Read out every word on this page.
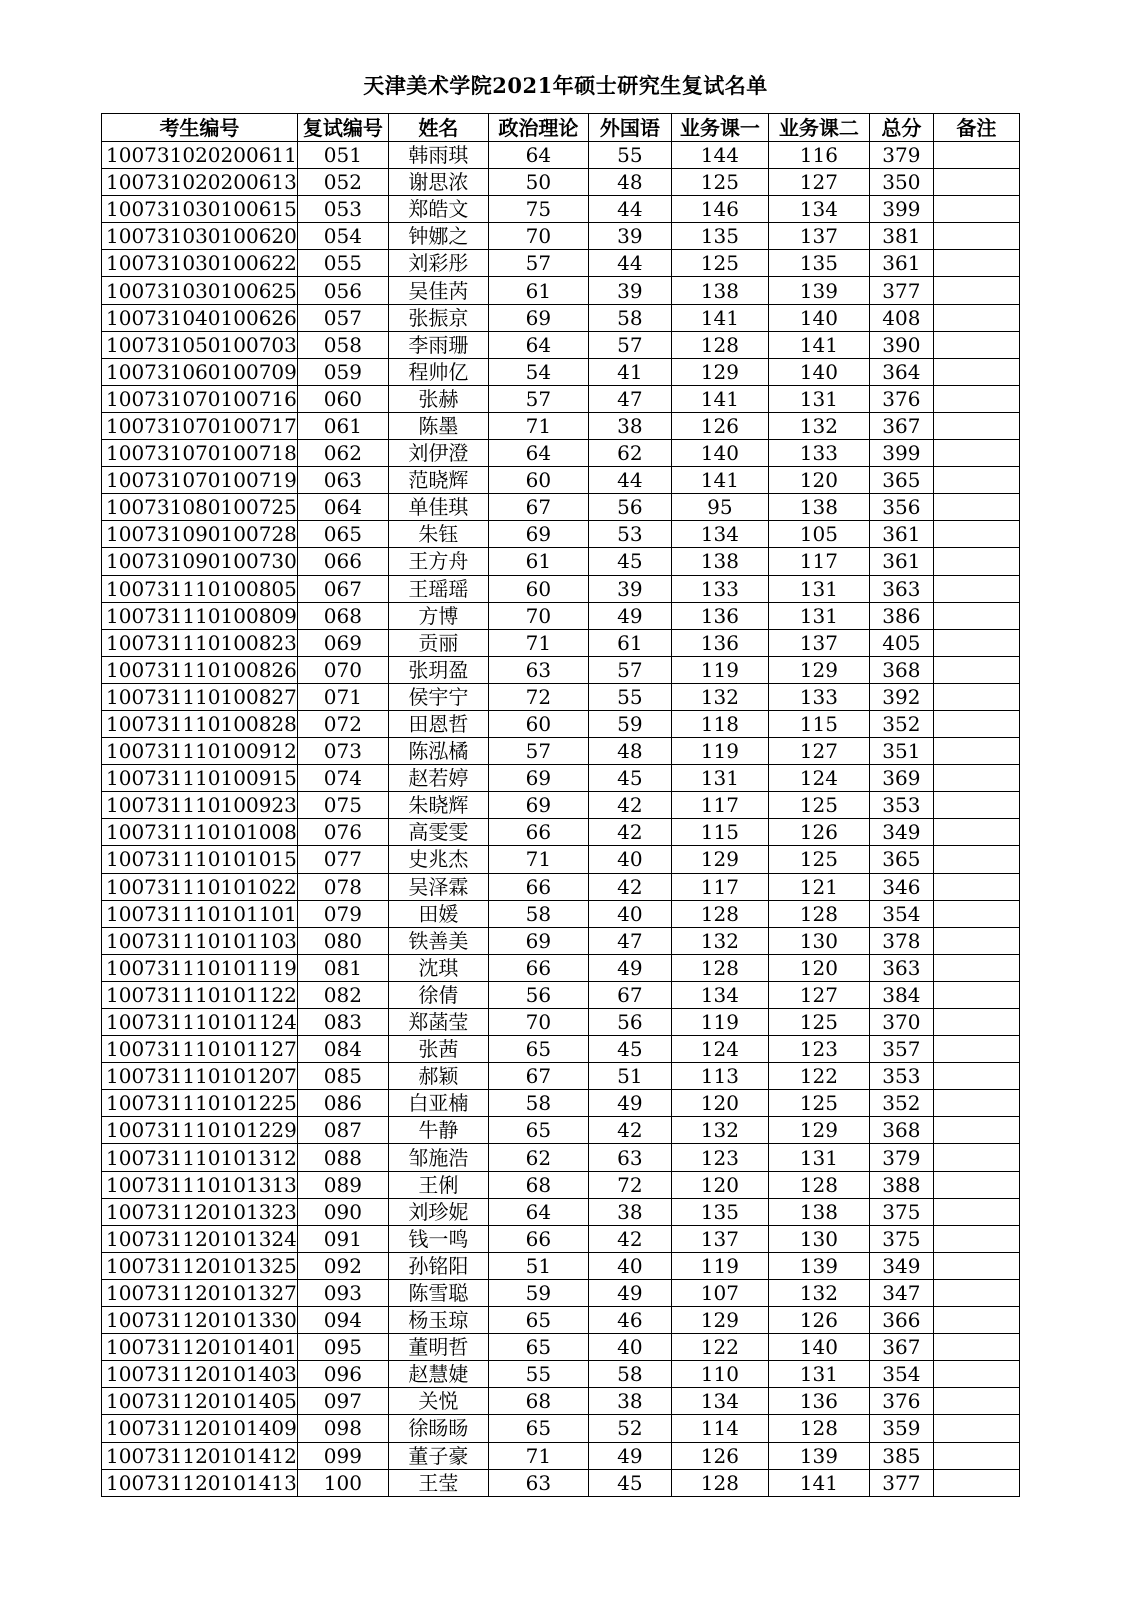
天津美术学院2021年硕士研究生复试名单
考生编号	复试编号	姓名	政治理论	外国语	业务课一	业务课二	总分	备注
100731020200611	051	韩雨琪	64	55	144	116	379	
100731020200613	052	谢思浓	50	48	125	127	350	
100731030100615	053	郑皓文	75	44	146	134	399	
100731030100620	054	钟娜之	70	39	135	137	381	
100731030100622	055	刘彩彤	57	44	125	135	361	
100731030100625	056	吴佳芮	61	39	138	139	377	
100731040100626	057	张振京	69	58	141	140	408	
100731050100703	058	李雨珊	64	57	128	141	390	
100731060100709	059	程帅亿	54	41	129	140	364	
100731070100716	060	张赫	57	47	141	131	376	
100731070100717	061	陈墨	71	38	126	132	367	
100731070100718	062	刘伊澄	64	62	140	133	399	
100731070100719	063	范晓辉	60	44	141	120	365	
100731080100725	064	单佳琪	67	56	95	138	356	
100731090100728	065	朱钰	69	53	134	105	361	
100731090100730	066	王方舟	61	45	138	117	361	
100731110100805	067	王瑶瑶	60	39	133	131	363	
100731110100809	068	方博	70	49	136	131	386	
100731110100823	069	贡丽	71	61	136	137	405	
100731110100826	070	张玥盈	63	57	119	129	368	
100731110100827	071	侯宇宁	72	55	132	133	392	
100731110100828	072	田恩哲	60	59	118	115	352	
100731110100912	073	陈泓橘	57	48	119	127	351	
100731110100915	074	赵若婷	69	45	131	124	369	
100731110100923	075	朱晓辉	69	42	117	125	353	
100731110101008	076	高雯雯	66	42	115	126	349	
100731110101015	077	史兆杰	71	40	129	125	365	
100731110101022	078	吴泽霖	66	42	117	121	346	
100731110101101	079	田媛	58	40	128	128	354	
100731110101103	080	铁善美	69	47	132	130	378	
100731110101119	081	沈琪	66	49	128	120	363	
100731110101122	082	徐倩	56	67	134	127	384	
100731110101124	083	郑菡莹	70	56	119	125	370	
100731110101127	084	张茜	65	45	124	123	357	
100731110101207	085	郝颖	67	51	113	122	353	
100731110101225	086	白亚楠	58	49	120	125	352	
100731110101229	087	牛静	65	42	132	129	368	
100731110101312	088	邹施浩	62	63	123	131	379	
100731110101313	089	王俐	68	72	120	128	388	
100731120101323	090	刘珍妮	64	38	135	138	375	
100731120101324	091	钱一鸣	66	42	137	130	375	
100731120101325	092	孙铭阳	51	40	119	139	349	
100731120101327	093	陈雪聪	59	49	107	132	347	
100731120101330	094	杨玉琼	65	46	129	126	366	
100731120101401	095	董明哲	65	40	122	140	367	
100731120101403	096	赵慧婕	55	58	110	131	354	
100731120101405	097	关悦	68	38	134	136	376	
100731120101409	098	徐旸旸	65	52	114	128	359	
100731120101412	099	董子豪	71	49	126	139	385	
100731120101413	100	王莹	63	45	128	141	377	
